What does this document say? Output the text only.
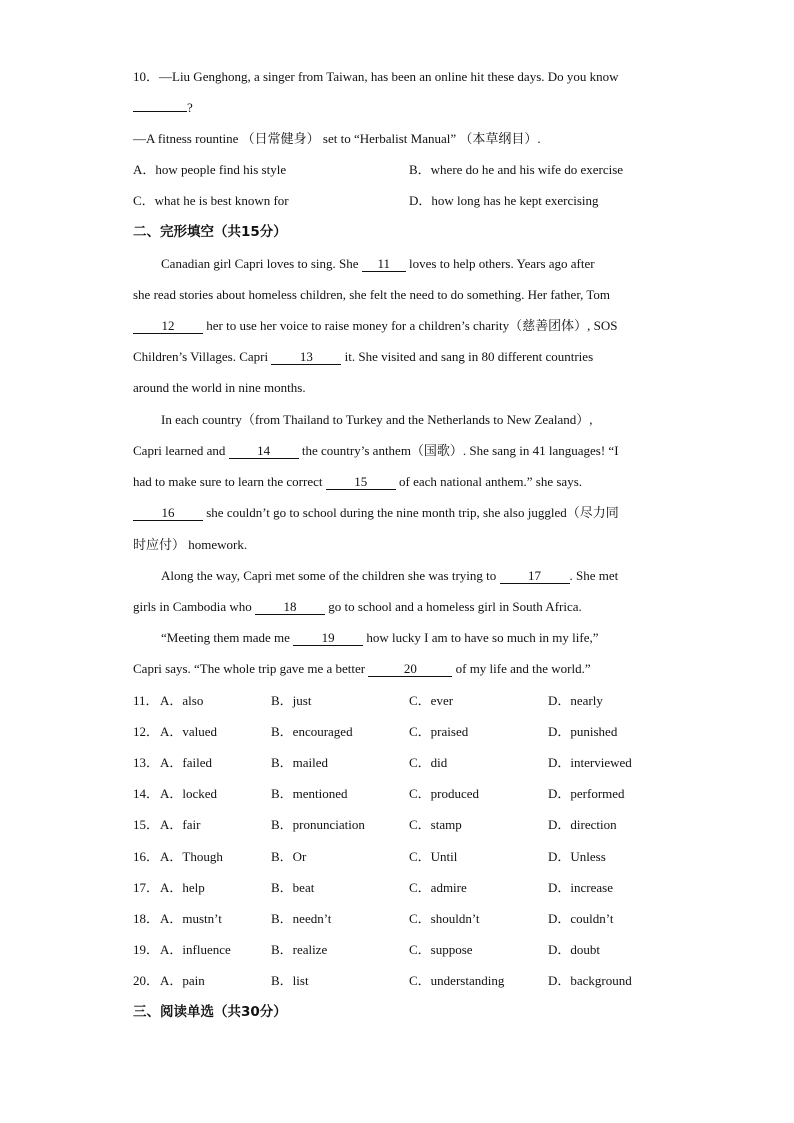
10．—Liu Genghong, a singer from Taiwan, has been an online hit these days. Do you know
?
—A fitness rountine （日常健身） set to “Herbalist Manual” （本草纲目）.
A．how people find his style	B．where do he and his wife do exercise
C．what he is best known for	D．how long has he kept exercising
二、完形填空（共15分）
Canadian girl Capri loves to sing. She 11 loves to help others. Years ago after
she read stories about homeless children, she felt the need to do something. Her father, Tom
12 her to use her voice to raise money for a children’s charity（慈善团体）, SOS
Children’s Villages. Capri 13 it. She visited and sang in 80 different countries
around the world in nine months.
In each country（from Thailand to Turkey and the Netherlands to New Zealand）,
Capri learned and 14 the country’s anthem（国歌）. She sang in 41 languages! “I
had to make sure to learn the correct 15 of each national anthem.” she says.
16 she couldn’t go to school during the nine month trip, she also juggled（尽力同
时应付） homework.
Along the way, Capri met some of the children she was trying to 17 . She met
girls in Cambodia who 18 go to school and a homeless girl in South Africa.
“Meeting them made me 19 how lucky I am to have so much in my life,”
Capri says. “The whole trip gave me a better	20	of my life and the world.”
11． A．also	B．just	C．ever	D．nearly
12． A．valued	B．encouraged	C．praised	D．punished
13． A．failed	B．mailed	C．did	D．interviewed
14． A．locked	B．mentioned	C．produced	D．performed
15． A．fair	B．pronunciation	C．stamp	D．direction
16． A．Though	B．Or	C．Until	D．Unless
17． A．help	B．beat	C．admire	D．increase
18． A．mustn’t	B．needn’t	C．shouldn’t	D．couldn’t
19． A．influence	B．realize	C．suppose	D．doubt
20． A．pain	B．list	C．understanding	D．background
三、阅读单选（共30分）
